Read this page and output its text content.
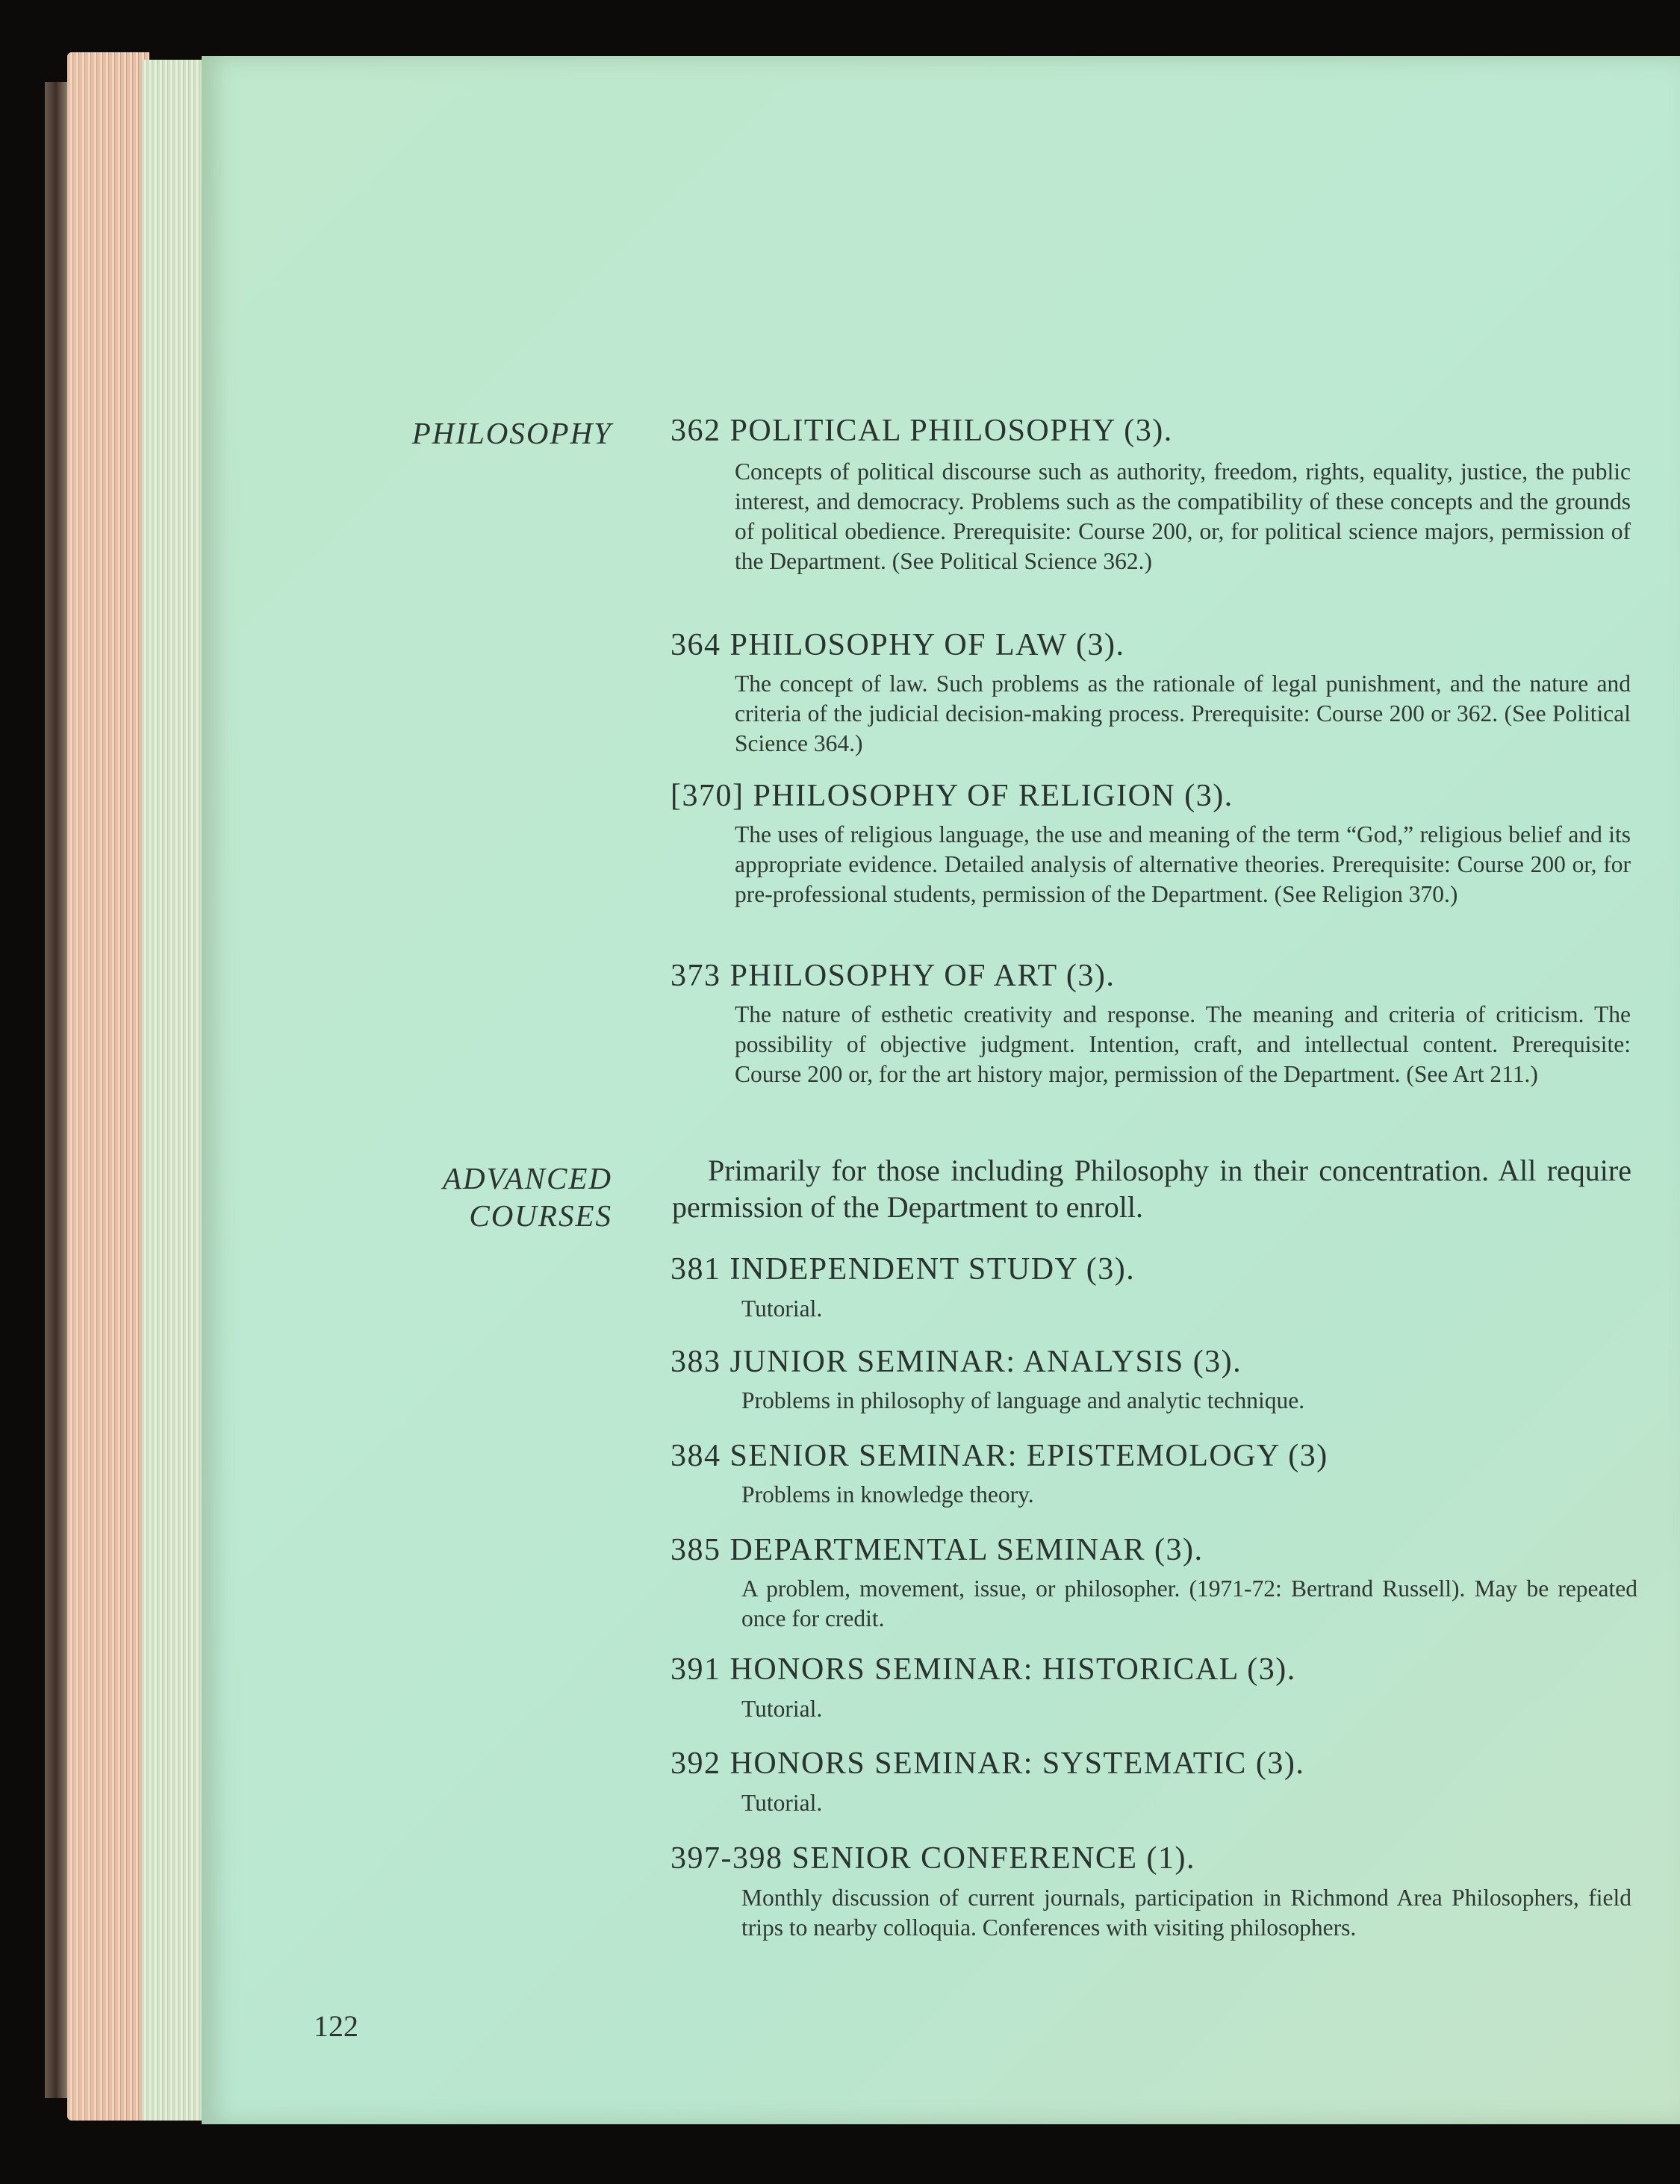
PHILOSOPHY
ADVANCED
COURSES
362 POLITICAL PHILOSOPHY (3).
Concepts of political discourse such as authority, freedom, rights, equality, justice, the public interest, and democracy. Problems such as the compatibility of these concepts and the grounds of political obedience. Prerequisite: Course 200, or, for political science majors, permission of the Department. (See Political Science 362.)
364 PHILOSOPHY OF LAW (3).
The concept of law. Such problems as the rationale of legal punishment, and the nature and criteria of the judicial decision-making process. Prerequisite: Course 200 or 362. (See Political Science 364.)
[370] PHILOSOPHY OF RELIGION (3).
The uses of religious language, the use and meaning of the term “God,” religious belief and its appropriate evidence. Detailed analysis of alternative theories. Prerequisite: Course 200 or, for pre-professional students, permission of the Department. (See Religion 370.)
373 PHILOSOPHY OF ART (3).
The nature of esthetic creativity and response. The meaning and criteria of criticism. The possibility of objective judgment. Intention, craft, and intellectual content. Prerequisite: Course 200 or, for the art history major, permission of the Department. (See Art 211.)
Primarily for those including Philosophy in their concentration. All require permission of the Department to enroll.
381 INDEPENDENT STUDY (3).
Tutorial.
383 JUNIOR SEMINAR: ANALYSIS (3).
Problems in philosophy of language and analytic technique.
384 SENIOR SEMINAR: EPISTEMOLOGY (3)
Problems in knowledge theory.
385 DEPARTMENTAL SEMINAR (3).
A problem, movement, issue, or philosopher. (1971-72: Bertrand Russell). May be repeated once for credit.
391 HONORS SEMINAR: HISTORICAL (3).
Tutorial.
392 HONORS SEMINAR: SYSTEMATIC (3).
Tutorial.
397-398 SENIOR CONFERENCE (1).
Monthly discussion of current journals, participation in Richmond Area Philosophers, field trips to nearby colloquia. Conferences with visiting philosophers.
122
